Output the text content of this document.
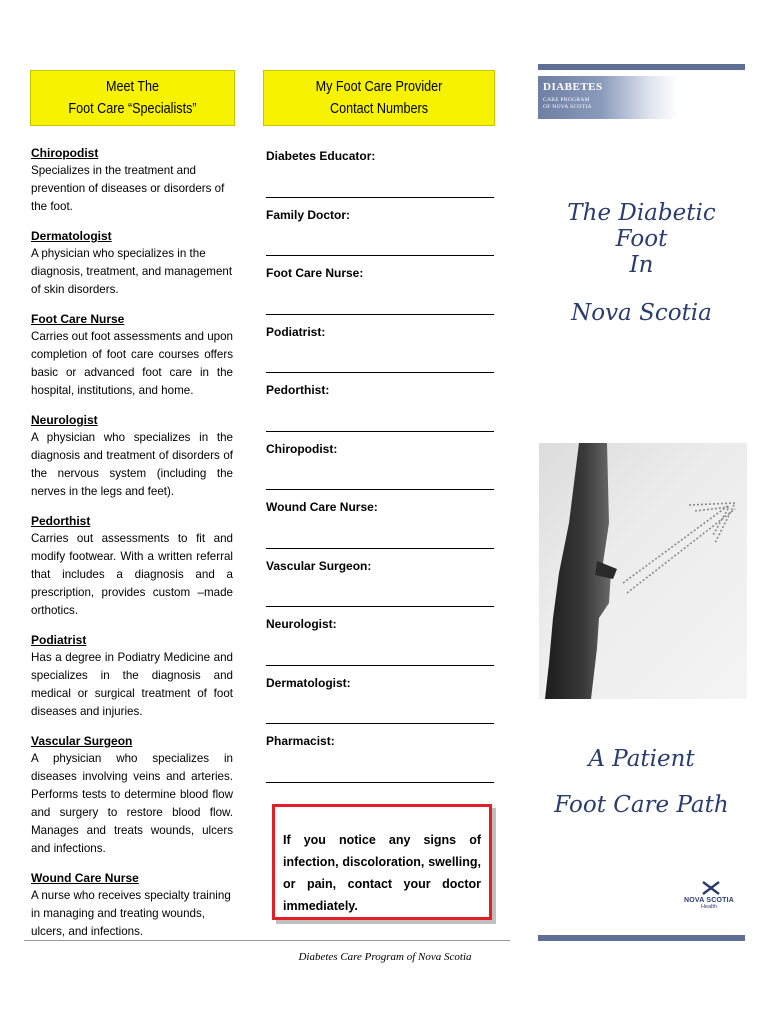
Meet The
Foot Care “Specialists”
Chiropodist
Specializes in the treatment and prevention of diseases or disorders of the foot.
Dermatologist
A physician who specializes in the diagnosis, treatment, and management of skin disorders.
Foot Care Nurse
Carries out foot assessments and upon completion of foot care courses offers basic or advanced foot care in the hospital, institutions, and home.
Neurologist
A physician who specializes in the diagnosis and treatment of disorders of the nervous system (including the nerves in the legs and feet).
Pedorthist
Carries out assessments to fit and modify footwear. With a written referral that includes a diagnosis and a prescription, provides custom –made orthotics.
Podiatrist
Has a degree in Podiatry Medicine and specializes in the diagnosis and medical or surgical treatment of foot diseases and injuries.
Vascular Surgeon
A physician who specializes in diseases involving veins and arteries. Performs tests to determine blood flow and surgery to restore blood flow. Manages and treats wounds, ulcers and infections.
Wound Care Nurse
A nurse who receives specialty training in managing and treating wounds, ulcers, and infections.
My Foot Care Provider
Contact Numbers
Diabetes Educator:
Family Doctor:
Foot Care Nurse:
Podiatrist:
Pedorthist:
Chiropodist:
Wound Care Nurse:
Vascular Surgeon:
Neurologist:
Dermatologist:
Pharmacist:

If you notice any signs of infection, discoloration, swelling, or pain, contact your doctor immediately.

Diabetes Care Program of Nova Scotia
DIABETES
CARE PROGRAM
OF NOVA SCOTIA
The Diabetic Foot
In
Nova Scotia
A Patient
Foot Care Path
NOVA SCOTIA
Health
